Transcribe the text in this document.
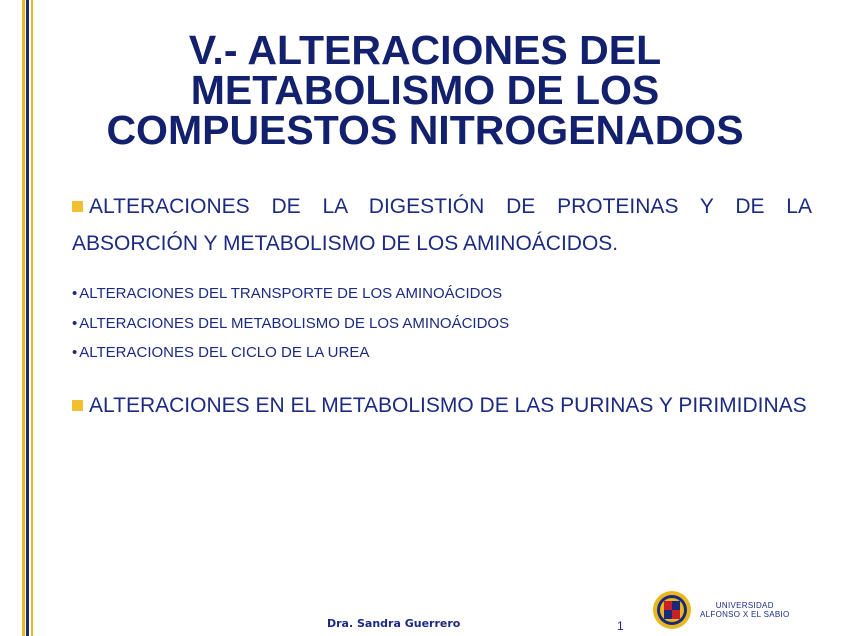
V.- ALTERACIONES DEL
METABOLISMO DE LOS
COMPUESTOS NITROGENADOS
ALTERACIONES DE LA DIGESTIÓN DE PROTEINAS Y DE LA ABSORCIÓN Y METABOLISMO DE LOS AMINOÁCIDOS.
• ALTERACIONES DEL TRANSPORTE DE LOS AMINOÁCIDOS
• ALTERACIONES DEL METABOLISMO DE LOS AMINOÁCIDOS
• ALTERACIONES DEL CICLO DE LA UREA
ALTERACIONES EN EL METABOLISMO DE LAS PURINAS Y PIRIMIDINAS
Dra. Sandra Guerrero	1
UNIVERSIDAD
ALFONSO X EL SABIO
